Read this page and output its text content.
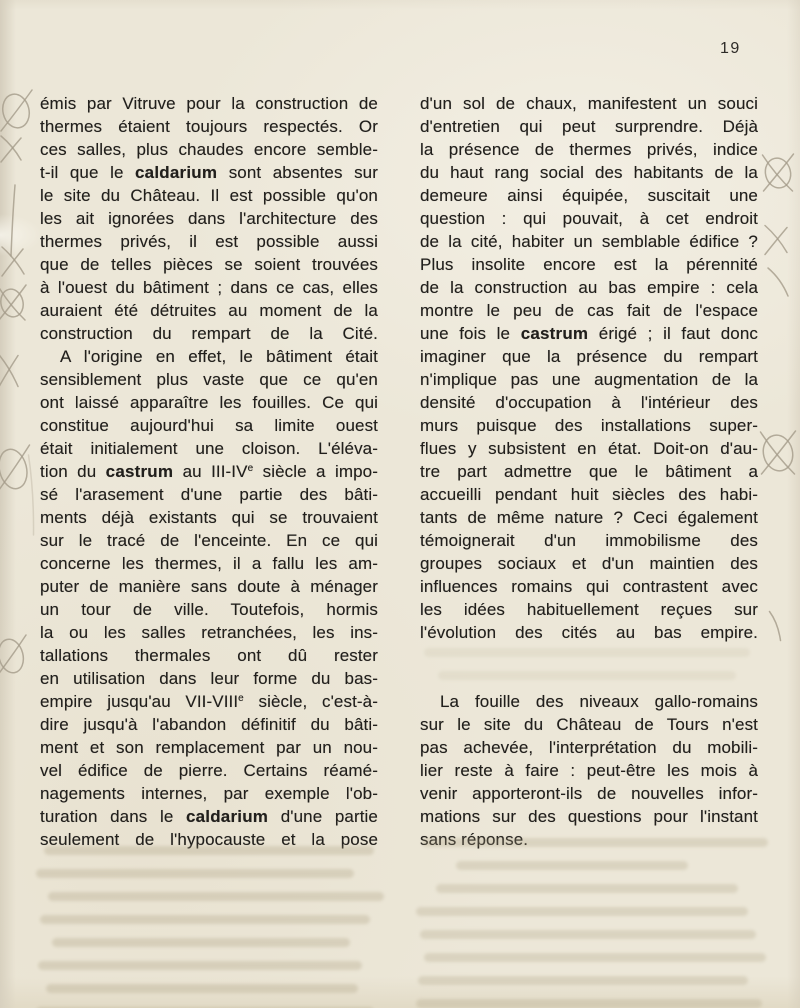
19
émis par Vitruve pour la construction de
thermes étaient toujours respectés. Or
ces salles, plus chaudes encore semble-
t-il que le caldarium sont absentes sur
le site du Château. Il est possible qu'on
les ait ignorées dans l'architecture des
thermes privés, il est possible aussi
que de telles pièces se soient trouvées
à l'ouest du bâtiment ; dans ce cas, elles
auraient été détruites au moment de la
construction du rempart de la Cité.
A l'origine en effet, le bâtiment était
sensiblement plus vaste que ce qu'en
ont laissé apparaître les fouilles. Ce qui
constitue aujourd'hui sa limite ouest
était initialement une cloison. L'éléva-
tion du castrum au III-IVe siècle a impo-
sé l'arasement d'une partie des bâti-
ments déjà existants qui se trouvaient
sur le tracé de l'enceinte. En ce qui
concerne les thermes, il a fallu les am-
puter de manière sans doute à ménager
un tour de ville. Toutefois, hormis
la ou les salles retranchées, les ins-
tallations thermales ont dû rester
en utilisation dans leur forme du bas-
empire jusqu'au VII-VIIIe siècle, c'est-à-
dire jusqu'à l'abandon définitif du bâti-
ment et son remplacement par un nou-
vel édifice de pierre. Certains réamé-
nagements internes, par exemple l'ob-
turation dans le caldarium d'une partie
seulement de l'hypocauste et la pose
d'un sol de chaux, manifestent un souci
d'entretien qui peut surprendre. Déjà
la présence de thermes privés, indice
du haut rang social des habitants de la
demeure ainsi équipée, suscitait une
question : qui pouvait, à cet endroit
de la cité, habiter un semblable édifice ?
Plus insolite encore est la pérennité
de la construction au bas empire : cela
montre le peu de cas fait de l'espace
une fois le castrum érigé ; il faut donc
imaginer que la présence du rempart
n'implique pas une augmentation de la
densité d'occupation à l'intérieur des
murs puisque des installations super-
flues y subsistent en état. Doit-on d'au-
tre part admettre que le bâtiment a
accueilli pendant huit siècles des habi-
tants de même nature ? Ceci également
témoignerait d'un immobilisme des
groupes sociaux et d'un maintien des
influences romains qui contrastent avec
les idées habituellement reçues sur
l'évolution des cités au bas empire.
La fouille des niveaux gallo-romains
sur le site du Château de Tours n'est
pas achevée, l'interprétation du mobili-
lier reste à faire : peut-être les mois à
venir apporteront-ils de nouvelles infor-
mations sur des questions pour l'instant
sans réponse.
